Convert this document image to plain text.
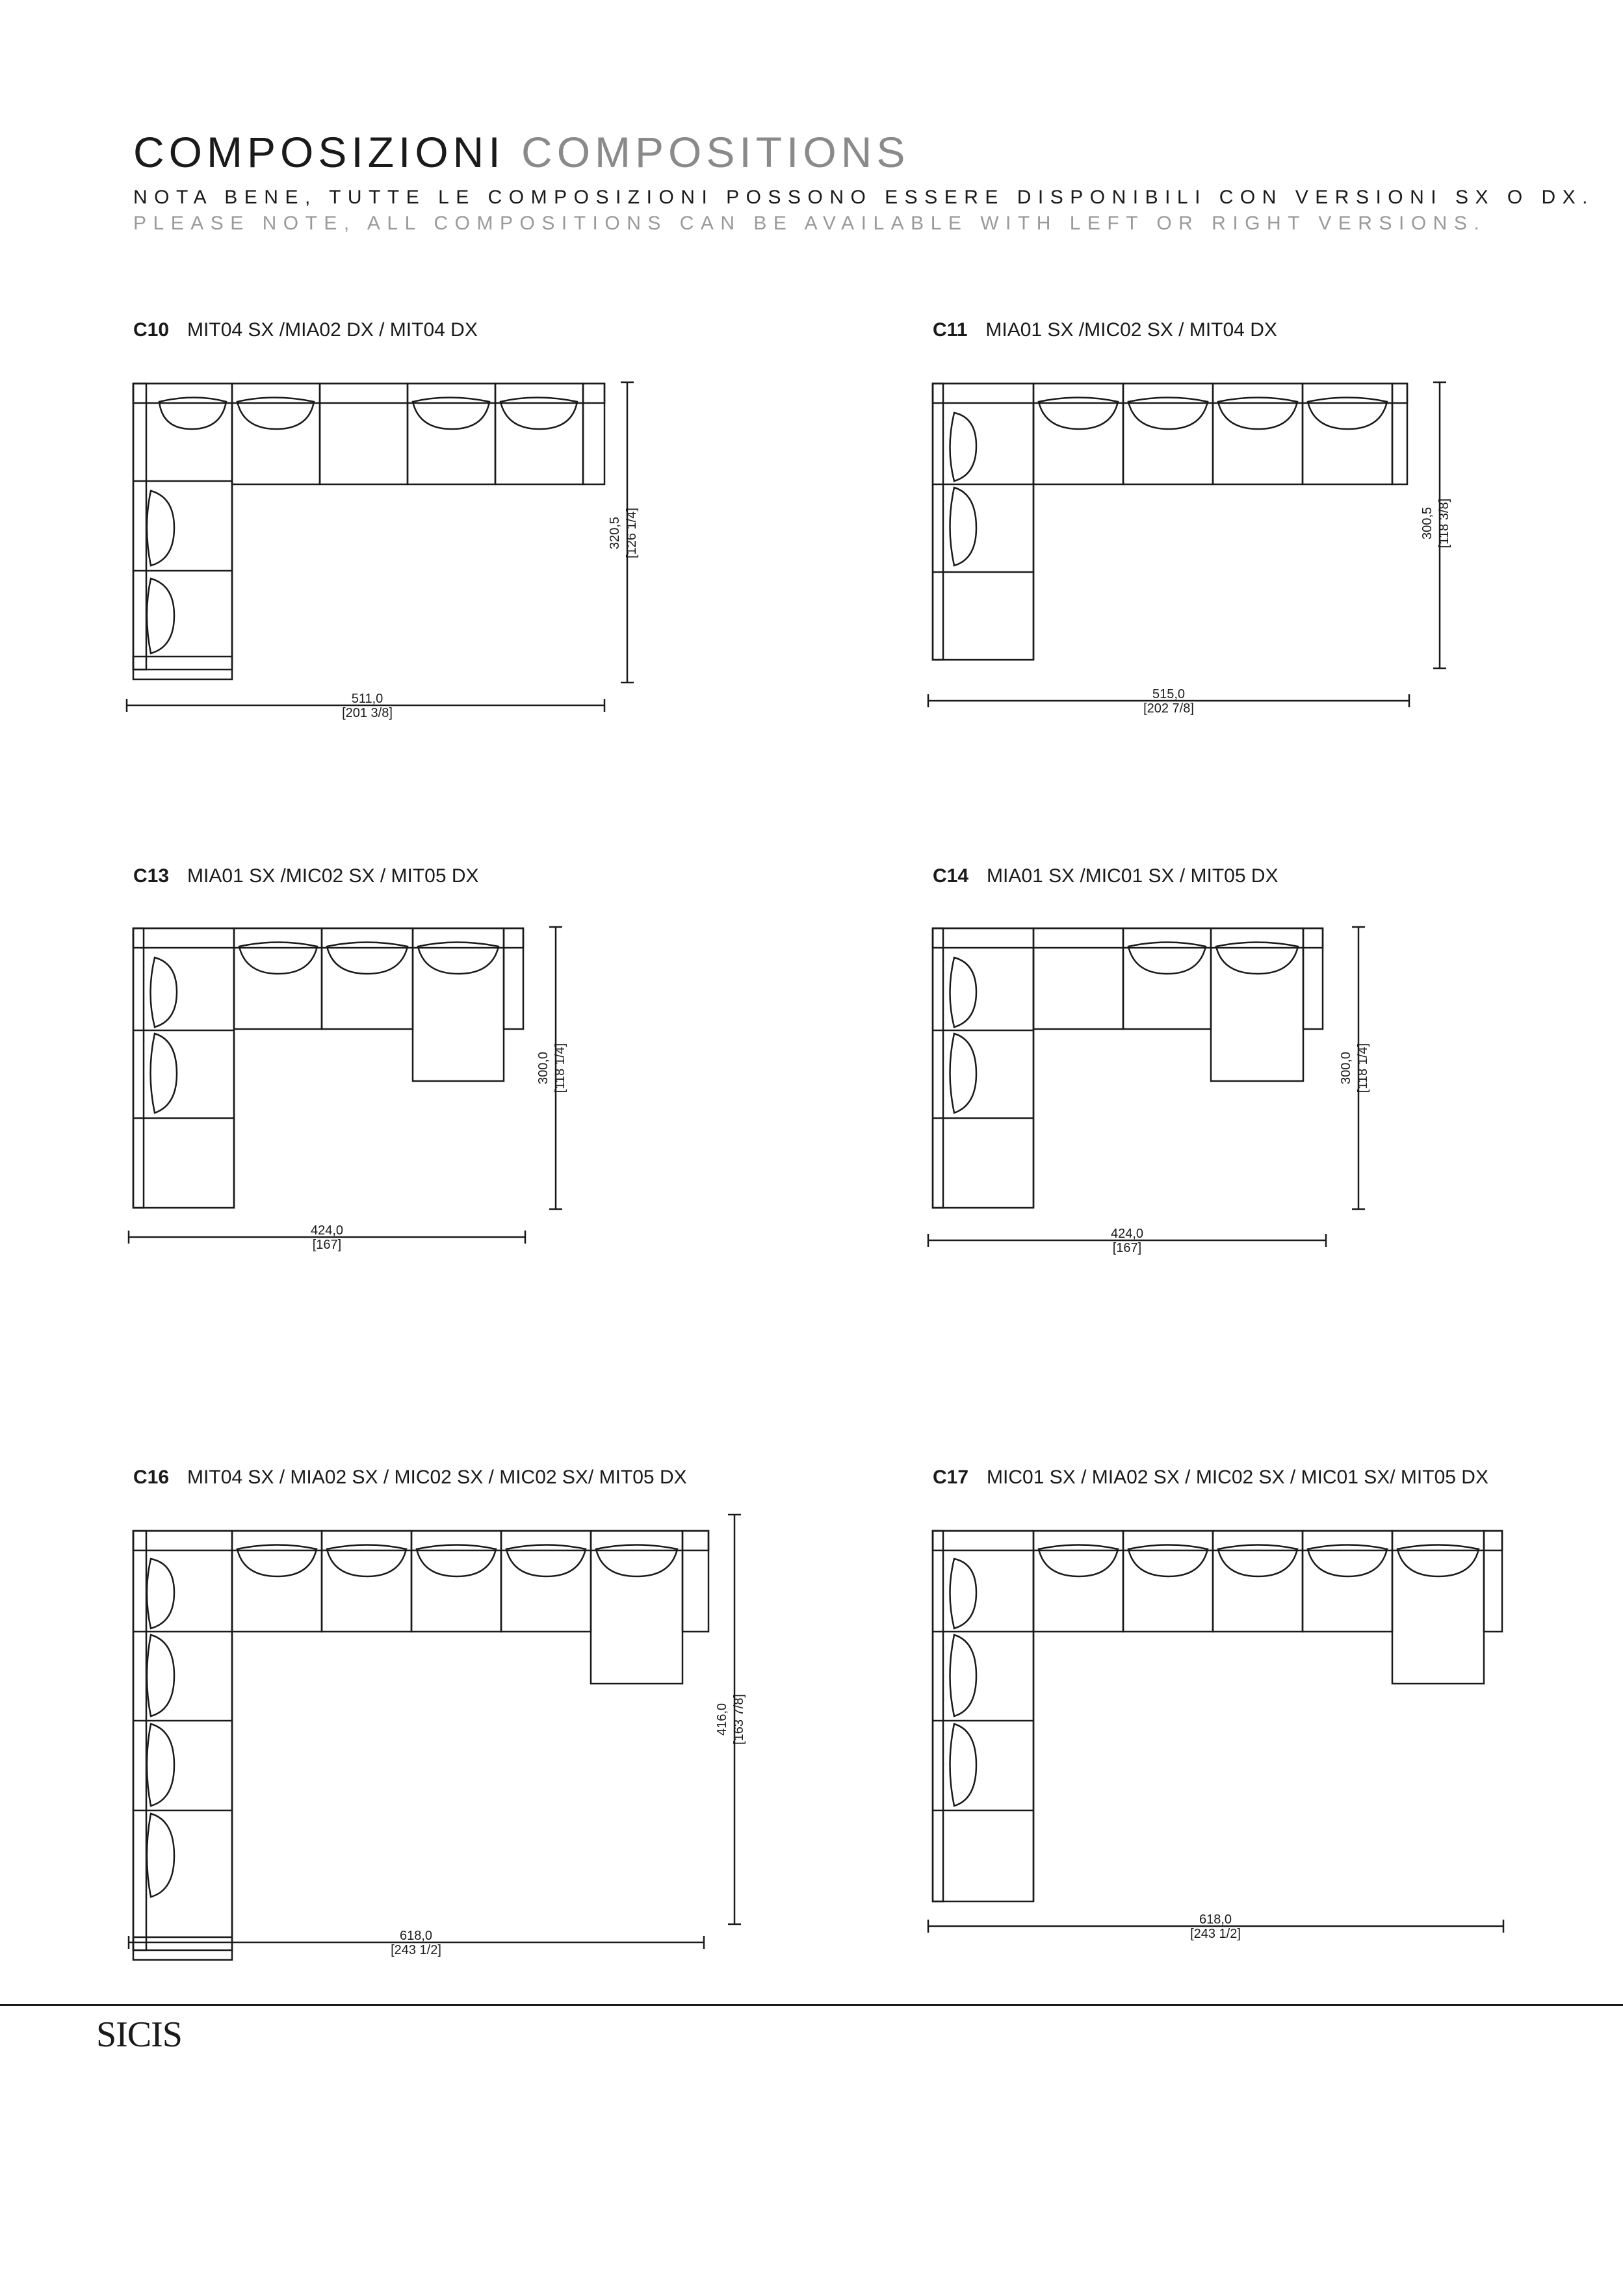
COMPOSIZIONI COMPOSITIONS
NOTA BENE, TUTTE LE COMPOSIZIONI POSSONO ESSERE DISPONIBILI CON VERSIONI SX O DX.
PLEASE NOTE, ALL COMPOSITIONS CAN BE AVAILABLE WITH LEFT OR RIGHT VERSIONS.
C10 MIT04 SX /MIA02 DX / MIT04 DX	C11 MIA01 SX /MIC02 SX / MIT04 DX
C13 MIA01 SX /MIC02 SX / MIT05 DX	C14 MIA01 SX /MIC01 SX / MIT05 DX
C16 MIT04 SX / MIA02 SX / MIC02 SX / MIC02 SX/ MIT05 DX	C17 MIC01 SX / MIA02 SX / MIC02 SX / MIC01 SX/ MIT05 DX
511,0
[201 3/8]
320,5 [126 1/4]
515,0
[202 7/8]
300,5 [118 3/8]
424,0
[167]
300,0 [118 1/4]
424,0
[167]
300,0 [118 1/4]
618,0
[243 1/2]
416,0 [163 7/8]
618,0
[243 1/2]
SICIS
